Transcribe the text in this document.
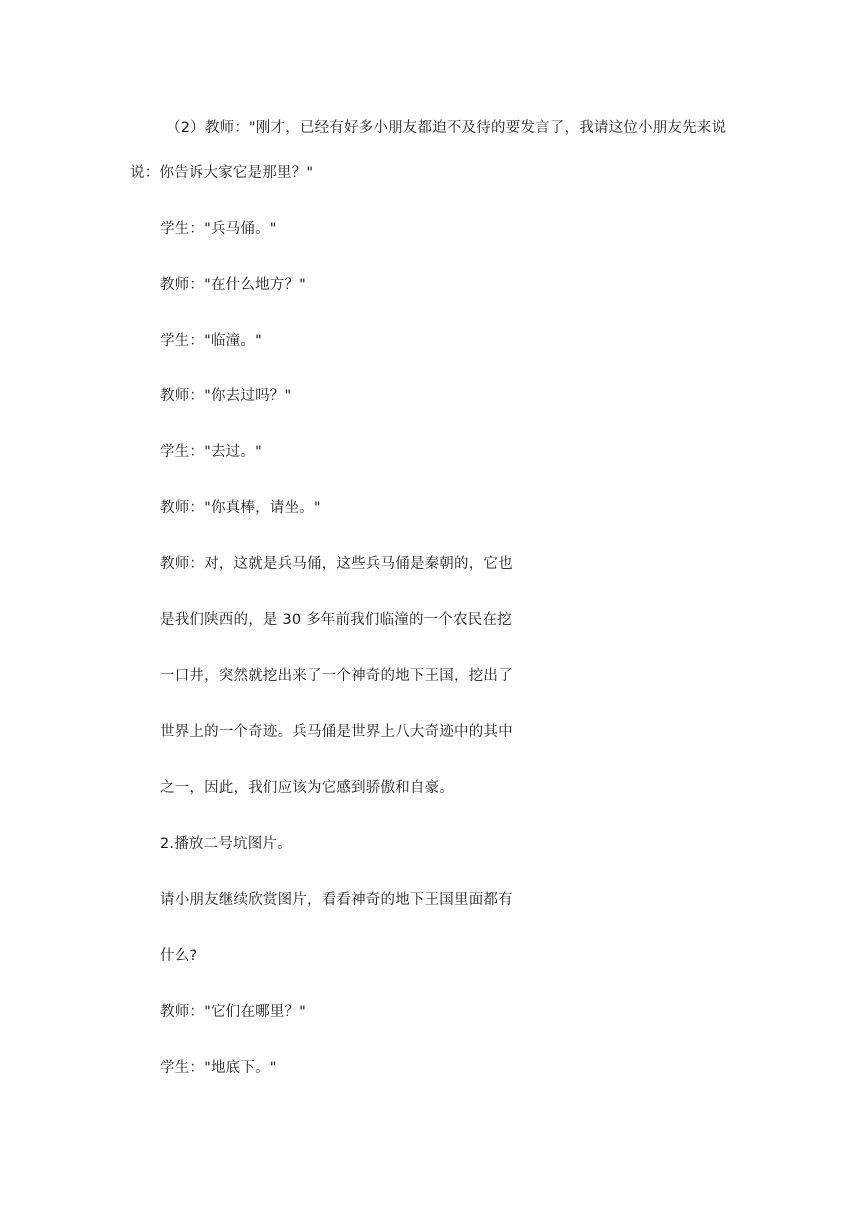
（2）教师："刚才，已经有好多小朋友都迫不及待的要发言了，我请这位小朋友先来说
说：你告诉大家它是那里？"
学生："兵马俑。"
教师："在什么地方？"
学生："临潼。"
教师："你去过吗？"
学生："去过。"
教师："你真棒，请坐。"
教师：对，这就是兵马俑，这些兵马俑是秦朝的，它也
是我们陕西的，是 30 多年前我们临潼的一个农民在挖
一口井，突然就挖出来了一个神奇的地下王国，挖出了
世界上的一个奇迹。兵马俑是世界上八大奇迹中的其中
之一，因此，我们应该为它感到骄傲和自豪。
2.播放二号坑图片。
请小朋友继续欣赏图片，看看神奇的地下王国里面都有
什么?
教师："它们在哪里？"
学生："地底下。"
